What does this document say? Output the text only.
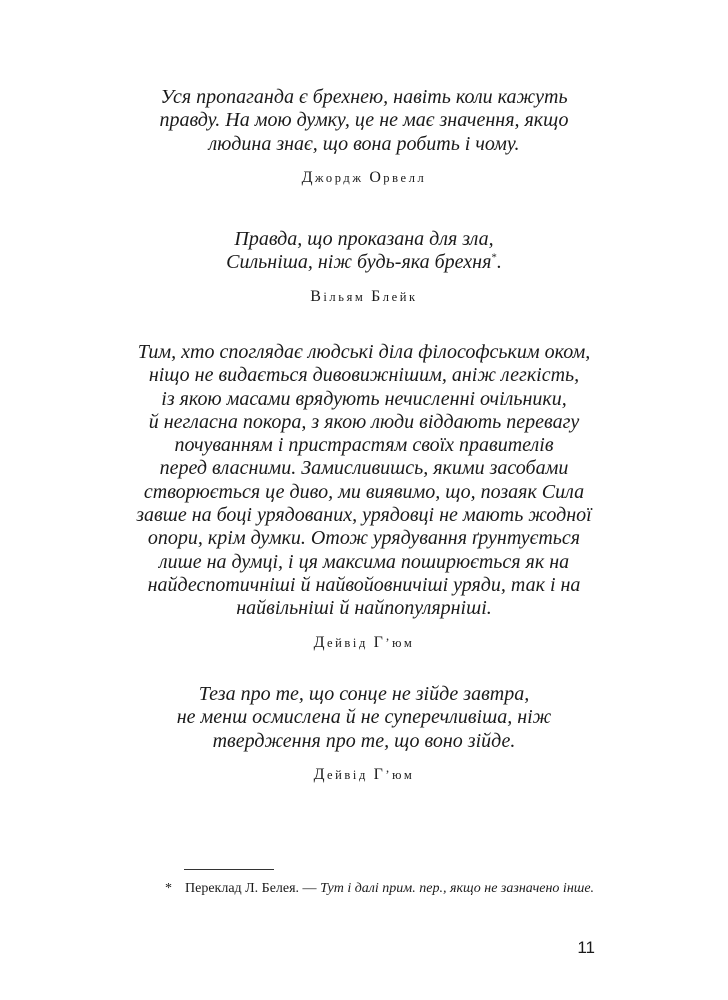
Уся пропаганда є брехнею, навіть коли кажуть
правду. На мою думку, це не має значення, якщо
людина знає, що вона робить і чому.

Джордж Орвелл

Правда, що проказана для зла,
Сильніша, ніж будь-яка брехня*.

Вільям Блейк

Тим, хто споглядає людські діла філософським оком,
ніщо не видається дивовижнішим, аніж легкість,
із якою масами врядують нечисленні очільники,
й негласна покора, з якою люди віддають перевагу
почуванням і пристрастям своїх правителів
перед власними. Замисливишсь, якими засобами
створюється це диво, ми виявимо, що, позаяк Сила
завше на боці урядованих, урядовці не мають жодної
опори, крім думки. Отож урядування ґрунтується
лише на думці, і ця максима поширюється як на
найдеспотичніші й найвойовничіші уряди, так і на
найвільніші й найпопулярніші.

Дейвід Г’юм

Теза про те, що сонце не зійде завтра,
не менш осмислена й не суперечливіша, ніж
твердження про те, що воно зійде.

Дейвід Г’юм
* Переклад Л. Белея. — Тут і далі прим. пер., якщо не зазначено інше.
11
